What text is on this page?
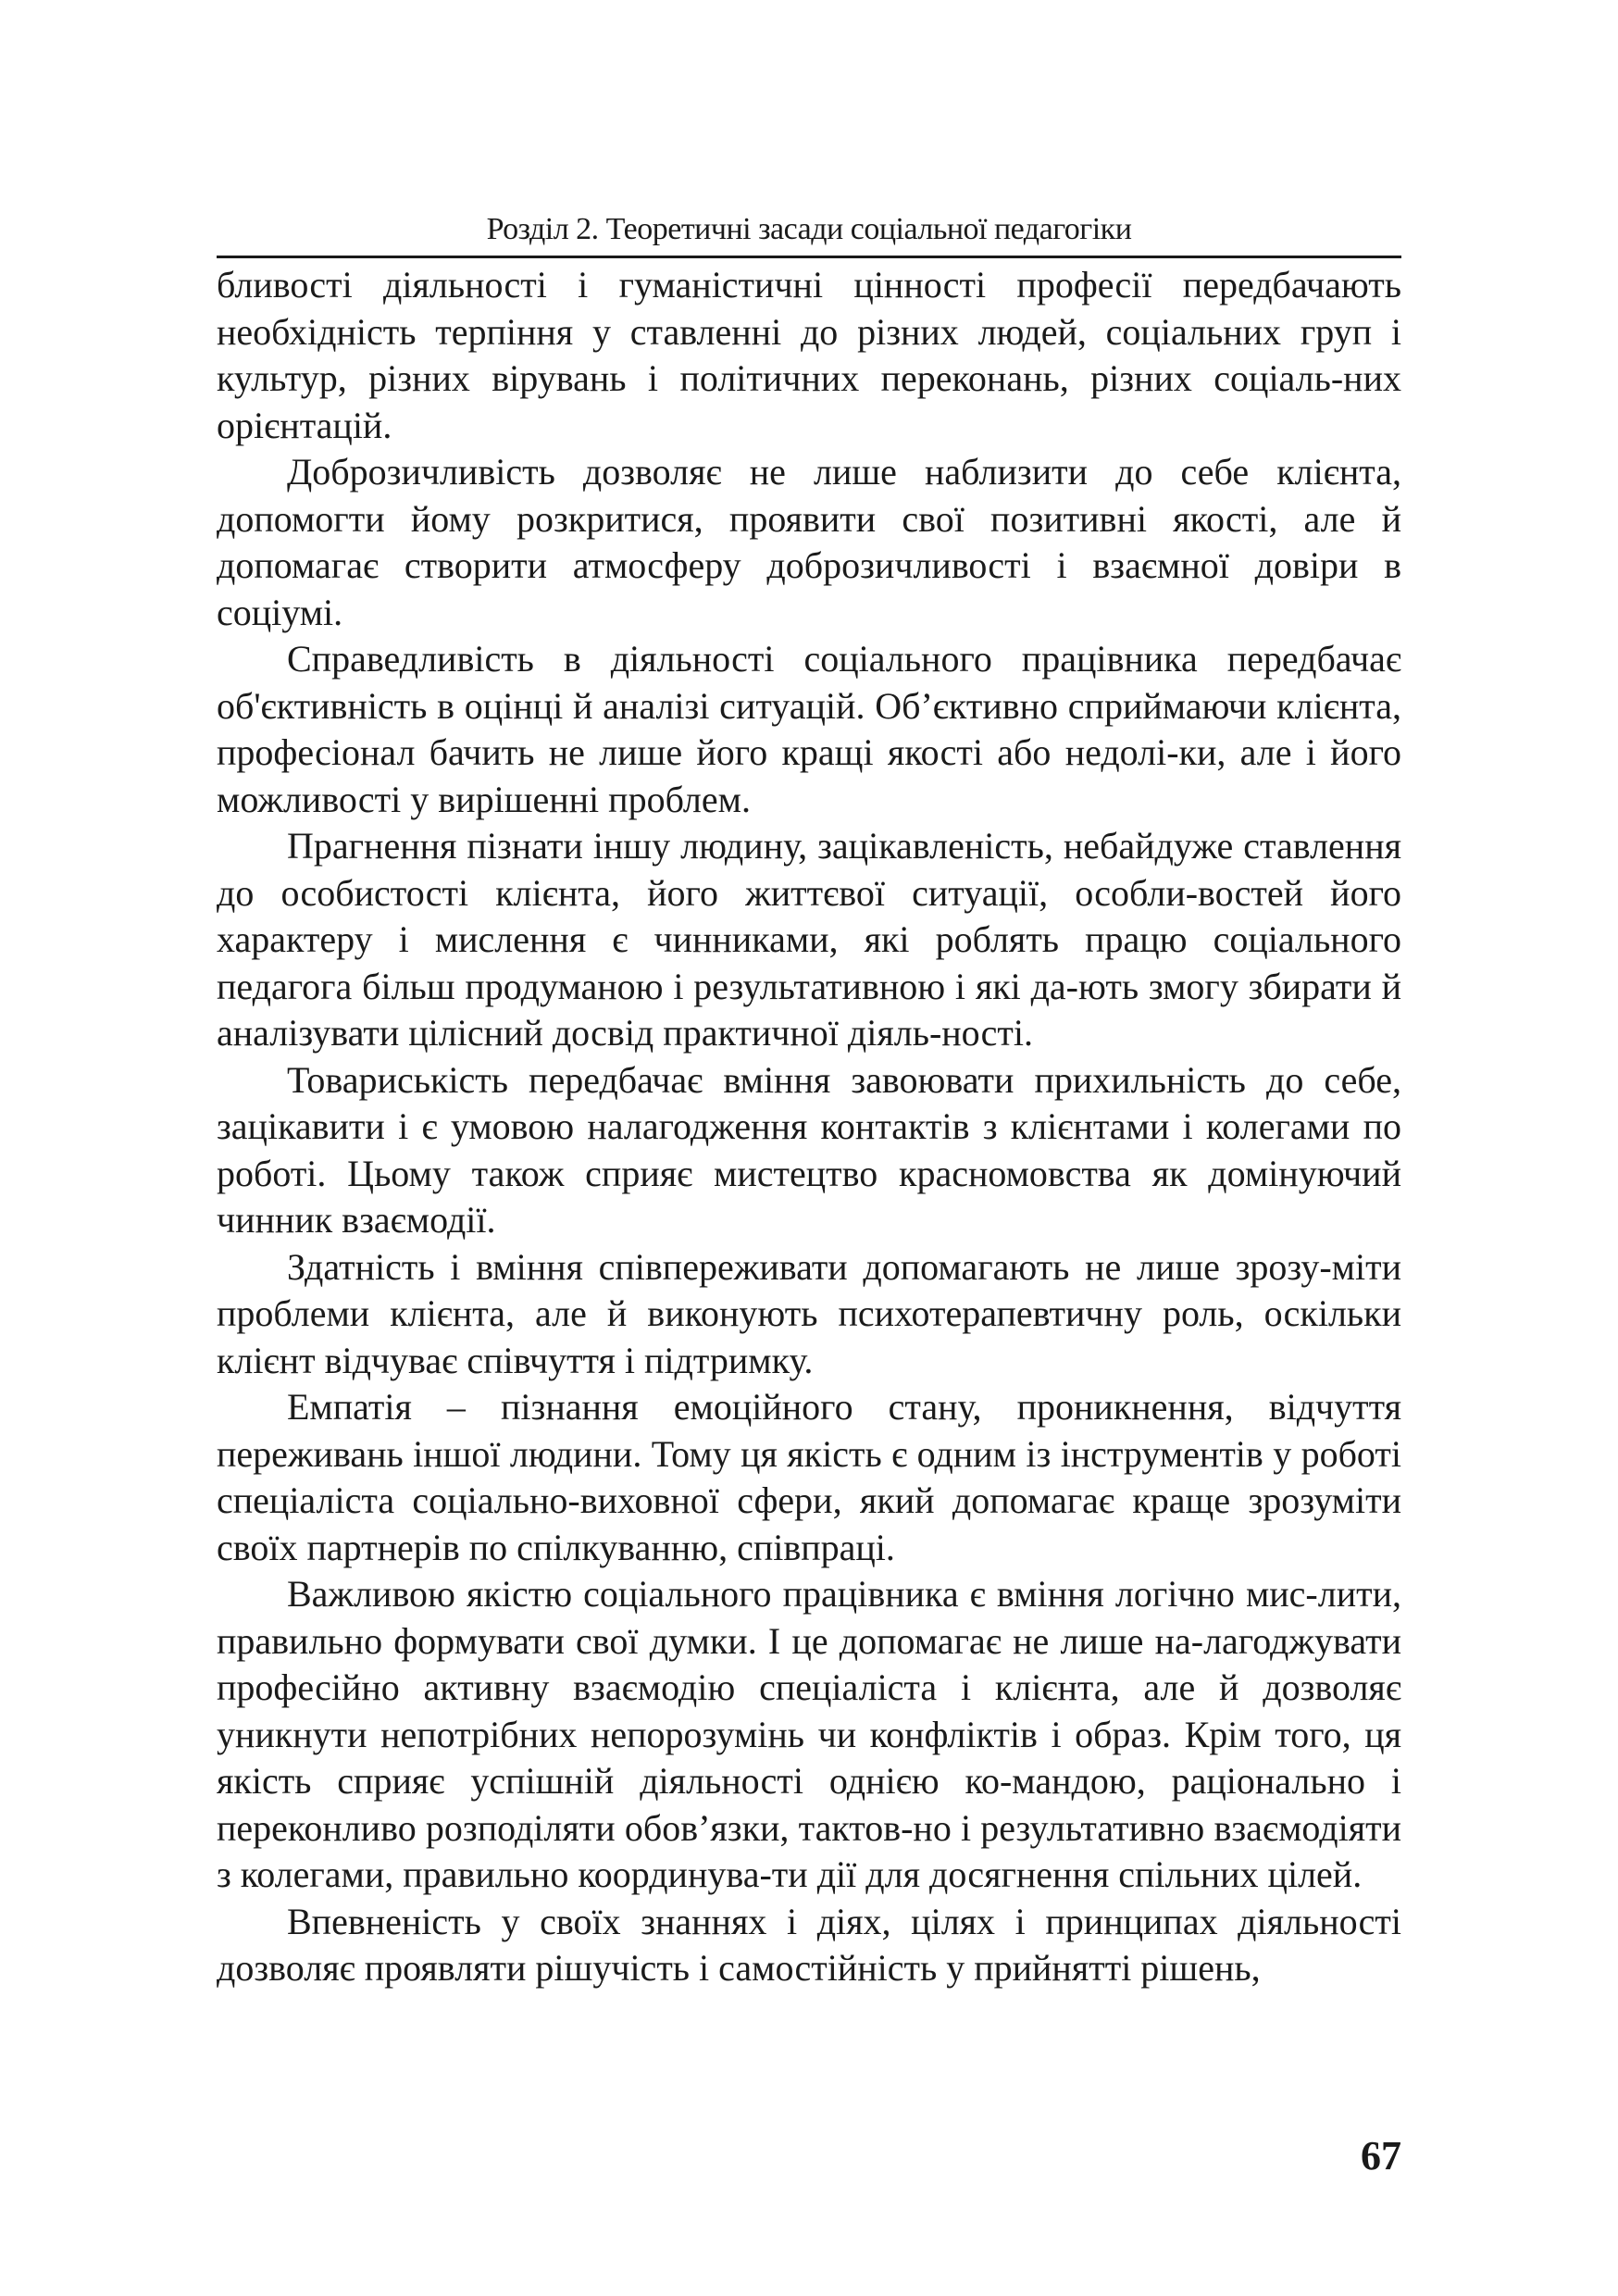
Розділ 2. Теоретичні засади соціальної педагогіки

бливості діяльності і гуманістичні цінності професії передбачають необхідність терпіння у ставленні до різних людей, соціальних груп і культур, різних вірувань і політичних переконань, різних соціаль-них орієнтацій.

Доброзичливість дозволяє не лише наблизити до себе клієнта, допомогти йому розкритися, проявити свої позитивні якості, але й допомагає створити атмосферу доброзичливості і взаємної довіри в соціумі.

Справедливість в діяльності соціального працівника передбачає об'єктивність в оцінці й аналізі ситуацій. Об’єктивно сприймаючи клієнта, професіонал бачить не лише його кращі якості або недолі-ки, але і його можливості у вирішенні проблем.

Прагнення пізнати іншу людину, зацікавленість, небайдуже ставлення до особистості клієнта, його життєвої ситуації, особли-востей його характеру і мислення є чинниками, які роблять працю соціального педагога більш продуманою і результативною і які да-ють змогу збирати й аналізувати цілісний досвід практичної діяль-ності.

Товариськість передбачає вміння завоювати прихильність до себе, зацікавити і є умовою налагодження контактів з клієнтами і колегами по роботі. Цьому також сприяє мистецтво красномовства як домінуючий чинник взаємодії.

Здатність і вміння співпереживати допомагають не лише зрозу-міти проблеми клієнта, але й виконують психотерапевтичну роль, оскільки клієнт відчуває співчуття і підтримку.

Емпатія – пізнання емоційного стану, проникнення, відчуття переживань іншої людини. Тому ця якість є одним із інструментів у роботі спеціаліста соціально-виховної сфери, який допомагає краще зрозуміти своїх партнерів по спілкуванню, співпраці.

Важливою якістю соціального працівника є вміння логічно мис-лити, правильно формувати свої думки. І це допомагає не лише на-лагоджувати професійно активну взаємодію спеціаліста і клієнта, але й дозволяє уникнути непотрібних непорозумінь чи конфліктів і образ. Крім того, ця якість сприяє успішній діяльності однією ко-мандою, раціонально і переконливо розподіляти обов’язки, тактов-но і результативно взаємодіяти з колегами, правильно координува-ти дії для досягнення спільних цілей.

Впевненість у своїх знаннях і діях, цілях і принципах діяльності дозволяє проявляти рішучість і самостійність у прийнятті рішень,

67
